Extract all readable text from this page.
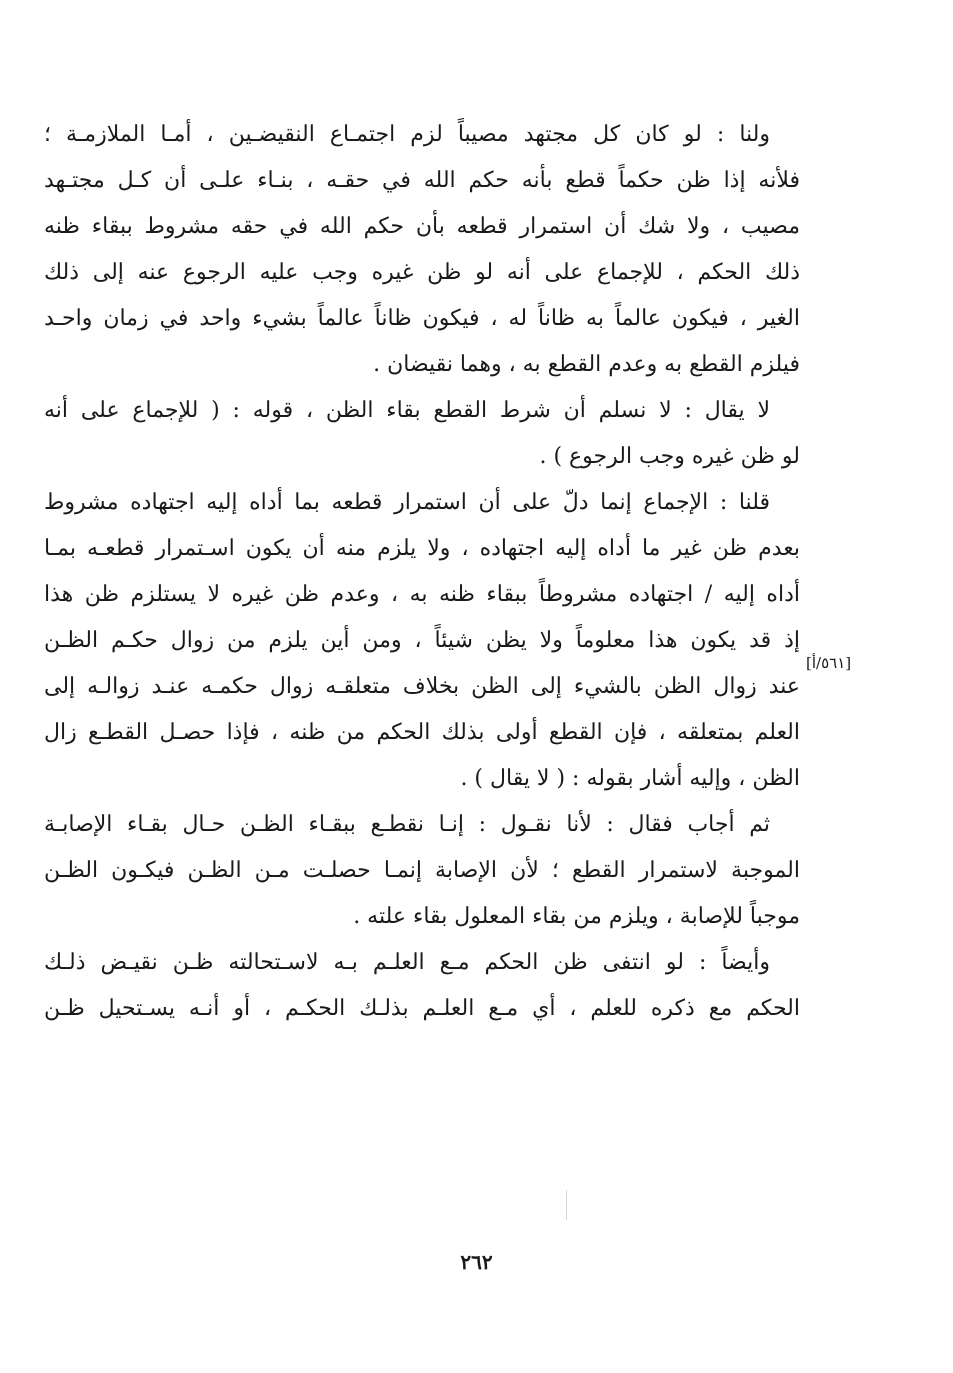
ولنا : لو كان كل مجتهد مصيباً لزم اجتمـاع النقيضـين ، أمـا الملازمـة ؛
فلأنه إذا ظن حكماً قطع بأنه حكم الله في حقـه ، بنـاء علـى أن كـل مجتـهد
مصيب ، ولا شك أن استمرار قطعه بأن حكم الله في حقه مشروط ببقاء ظنه
ذلك الحكم ، للإجماع على أنه لو ظن غيره وجب عليه الرجوع عنه إلى ذلك
الغير ، فيكون عالماً به ظاناً له ، فيكون ظاناً عالماً بشيء واحد في زمان واحـد
فيلزم القطع به وعدم القطع به ، وهما نقيضان .
لا يقال : لا نسلم أن شرط القطع بقاء الظن ، قوله : ( للإجماع على أنه
لو ظن غيره وجب الرجوع ) .
قلنا : الإجماع إنما دلّ على أن استمرار قطعه بما أداه إليه اجتهاده مشروط
بعدم ظن غير ما أداه إليه اجتهاده ، ولا يلزم منه أن يكون اسـتمرار قطعـه بمـا
أداه إليه / اجتهاده مشروطاً ببقاء ظنه به ، وعدم ظن غيره لا يستلزم ظن هذا
إذ قد يكون هذا معلوماً ولا يظن شيئاً ، ومن أين يلزم من زوال حكـم الظـن
عند زوال الظن بالشيء إلى الظن بخلاف متعلقـه زوال حكمـه عنـد زوالـه إلى
العلم بمتعلقه ، فإن القطع أولى بذلك الحكم من ظنه ، فإذا حصـل القطـع زال
الظن ، وإليه أشار بقوله : ( لا يقال ) .
ثم أجاب فقال : لأنا نقـول : إنـا نقطـع ببقـاء الظـن حـال بقـاء الإصابـة
الموجبة لاستمرار القطع ؛ لأن الإصابة إنمـا حصلـت مـن الظـن فيكـون الظـن
موجباً للإصابة ، ويلزم من بقاء المعلول بقاء علته .
وأيضاً : لو انتفى ظن الحكم مـع العلـم بـه لاسـتحالته ظـن نقيـض ذلـك
الحكم مع ذكره للعلم ، أي مـع العلـم بذلـك الحكـم ، أو أنـه يسـتحيل ظـن
[٥٦١/أ]
٢٦٢
